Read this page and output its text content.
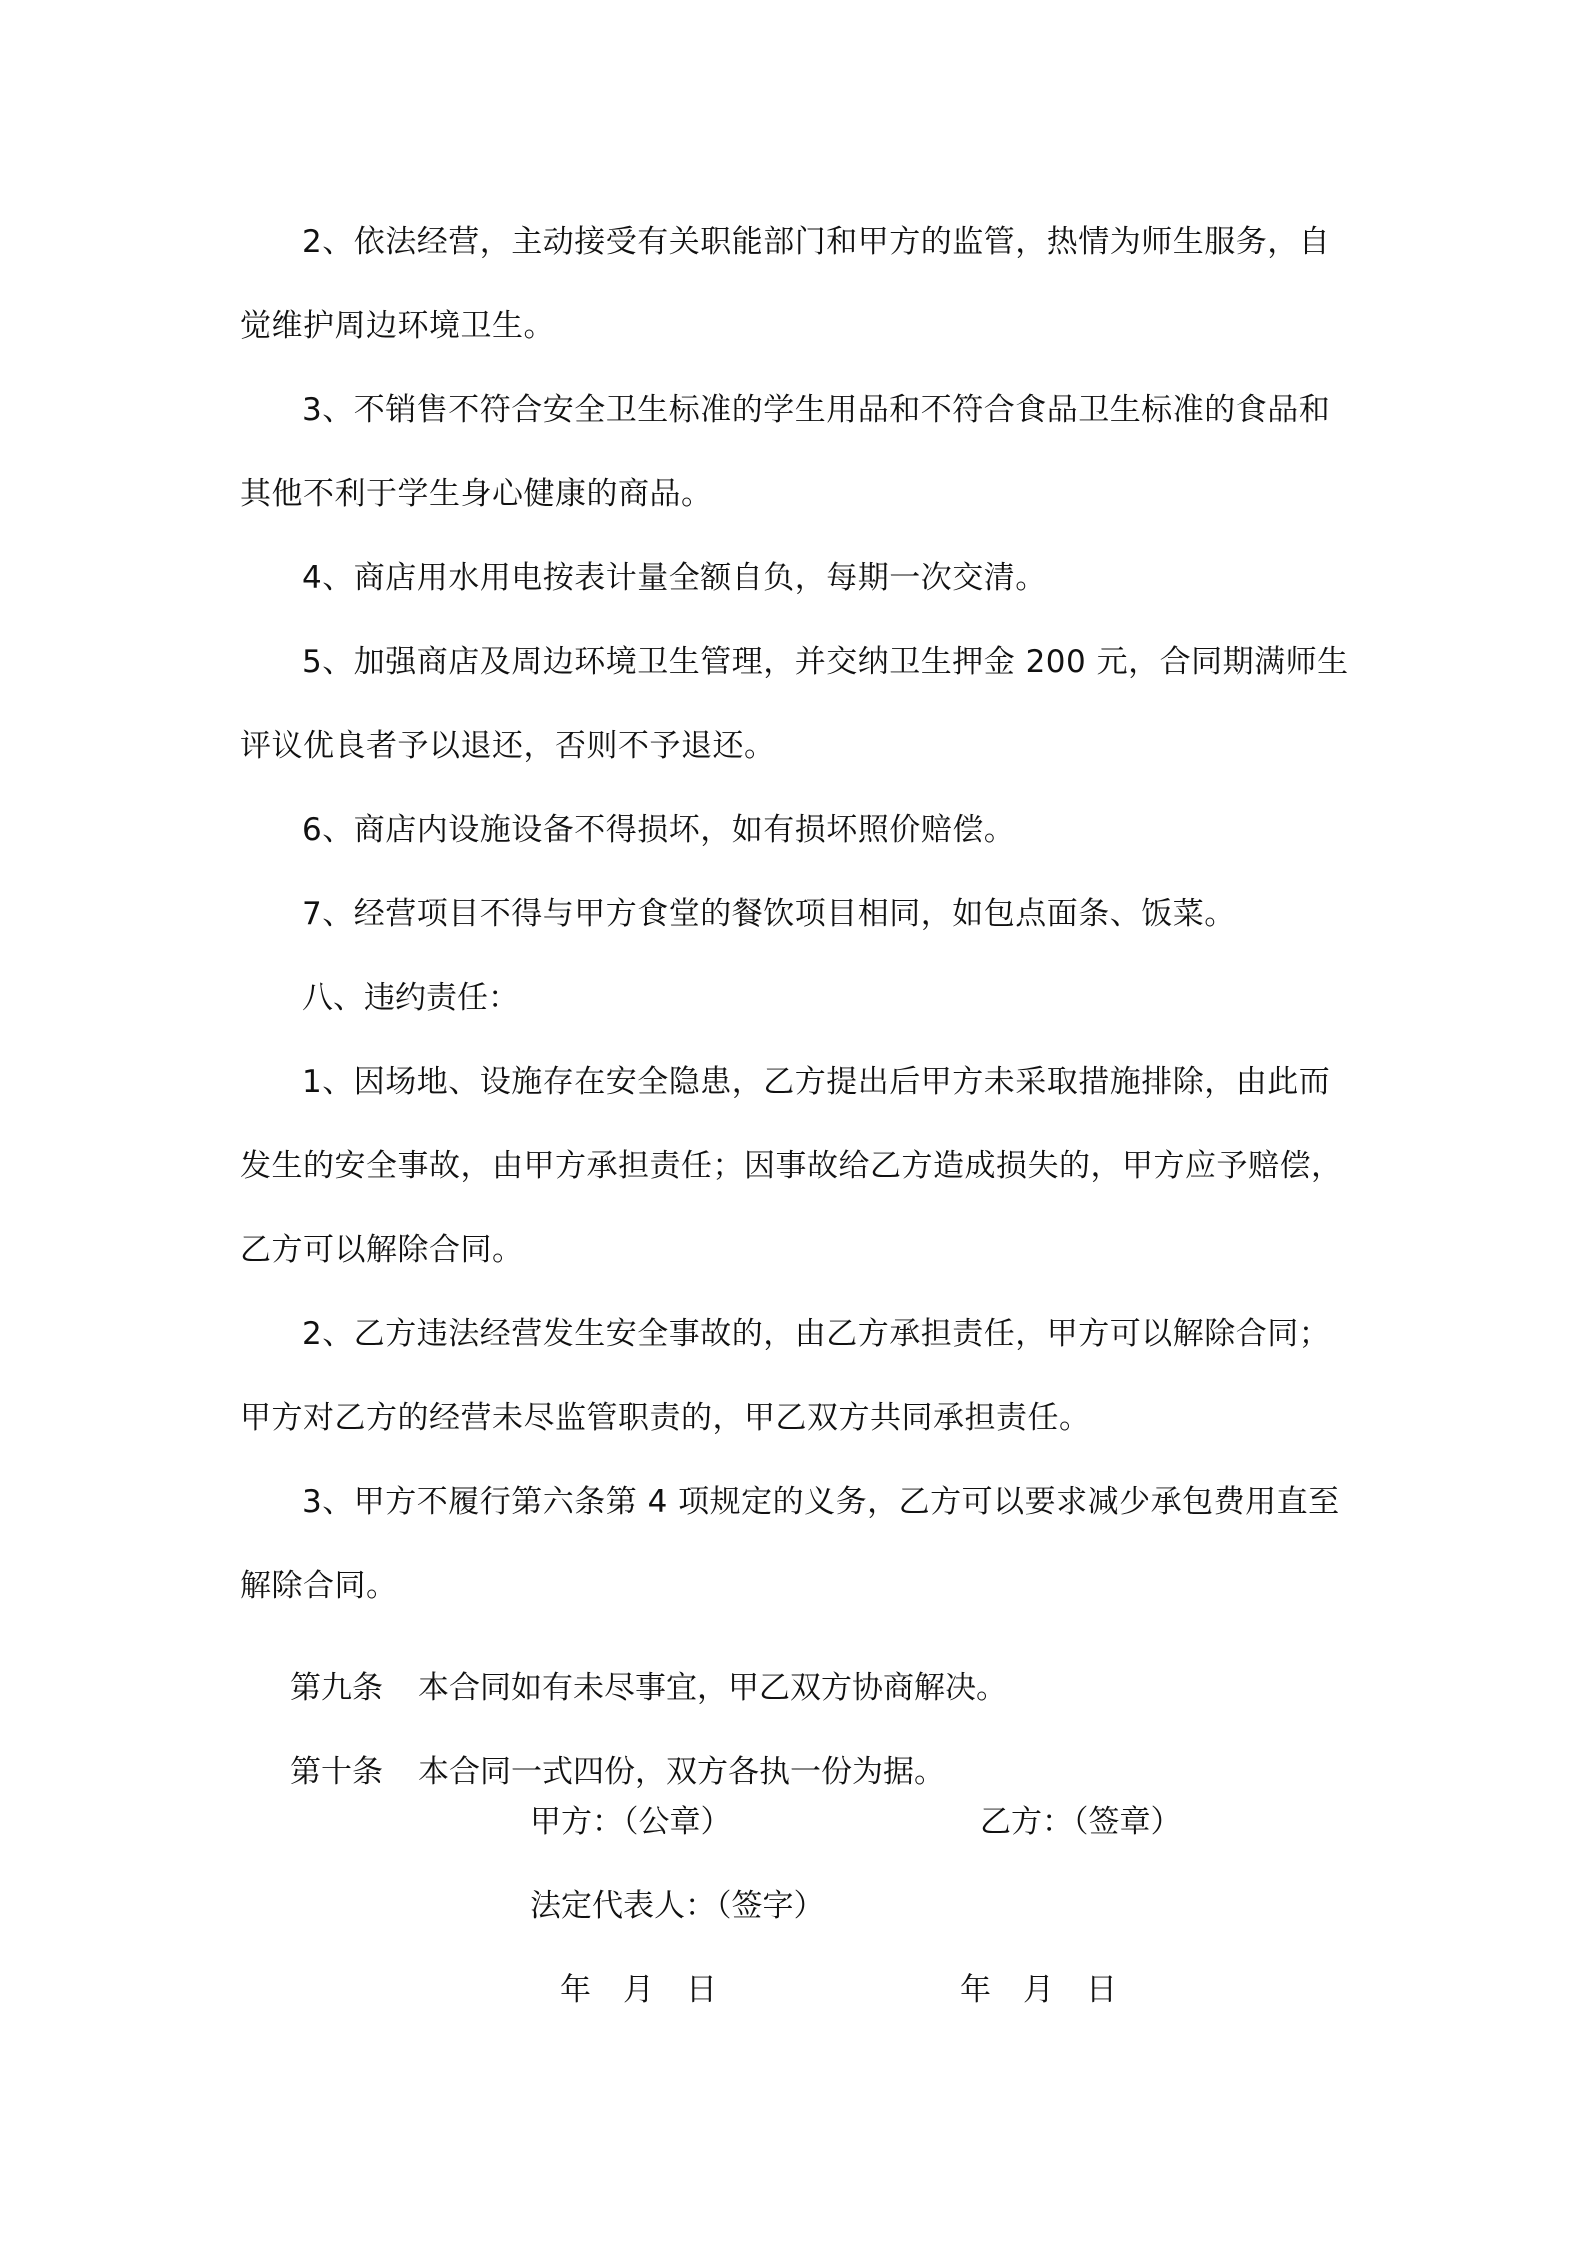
2、依法经营，主动接受有关职能部门和甲方的监管，热情为师生服务，自觉维护周边环境卫生。

3、不销售不符合安全卫生标准的学生用品和不符合食品卫生标准的食品和其他不利于学生身心健康的商品。

4、商店用水用电按表计量全额自负，每期一次交清。

5、加强商店及周边环境卫生管理，并交纳卫生押金 200 元，合同期满师生评议优良者予以退还，否则不予退还。

6、商店内设施设备不得损坏，如有损坏照价赔偿。

7、经营项目不得与甲方食堂的餐饮项目相同，如包点面条、饭菜。

八、违约责任：

1、因场地、设施存在安全隐患，乙方提出后甲方未采取措施排除，由此而发生的安全事故，由甲方承担责任；因事故给乙方造成损失的，甲方应予赔偿，乙方可以解除合同。

2、乙方违法经营发生安全事故的，由乙方承担责任，甲方可以解除合同；甲方对乙方的经营未尽监管职责的，甲乙双方共同承担责任。

3、甲方不履行第六条第 4 项规定的义务，乙方可以要求减少承包费用直至解除合同。

第九条 本合同如有未尽事宜，甲乙双方协商解决。

第十条 本合同一式四份，双方各执一份为据。

甲方：（公章）	乙方：（签章）
法定代表人：（签字）
年 月 日	年 月 日
